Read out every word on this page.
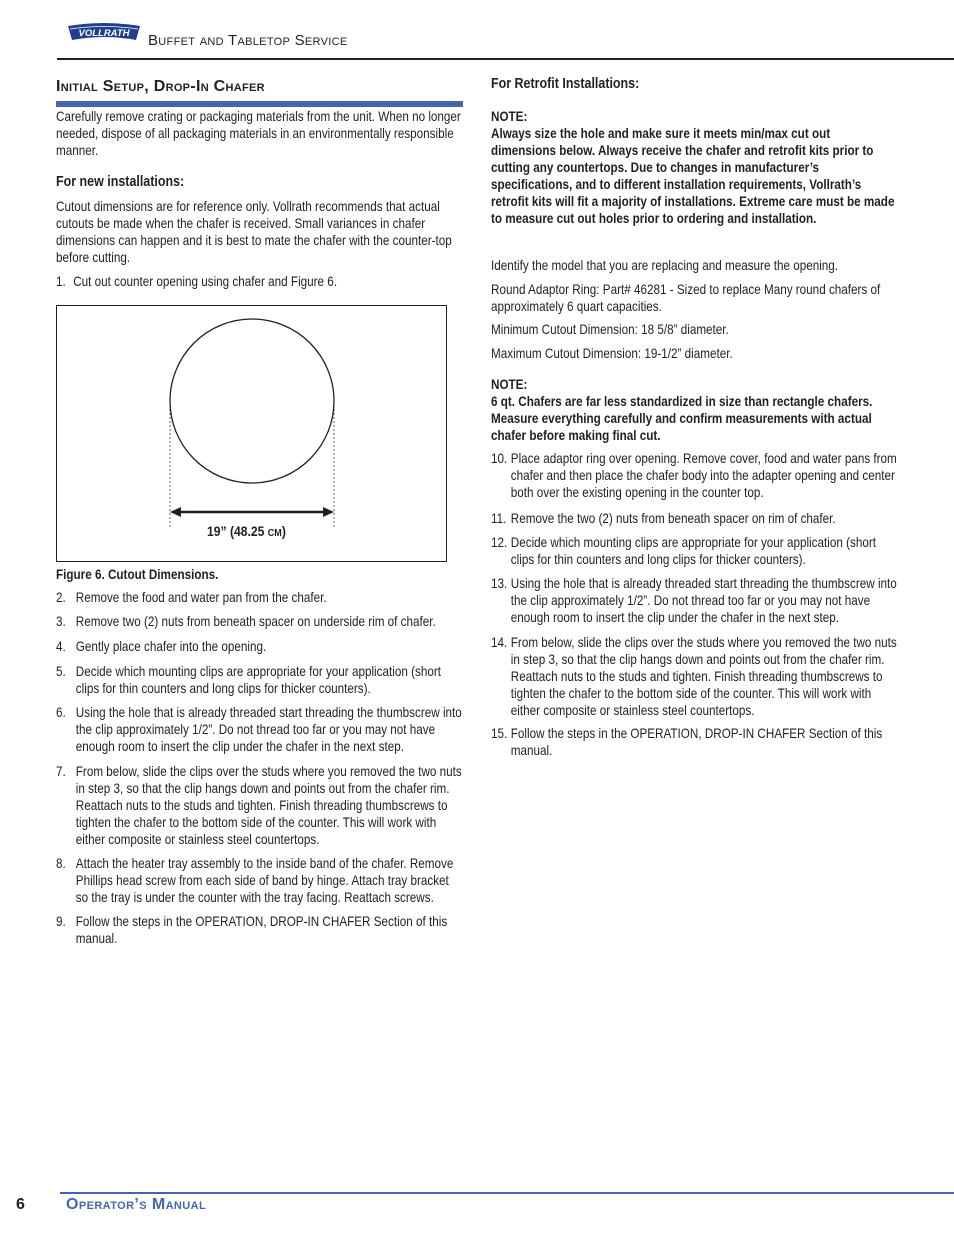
VOLLRATH Buffet and Tabletop Service
Initial Setup, Drop-In Chafer

Carefully remove crating or packaging materials from the unit. When no longer needed, dispose of all packaging materials in an environmentally responsible manner.

For new installations:

Cutout dimensions are for reference only. Vollrath recommends that actual cutouts be made when the chafer is received. Small variances in chafer dimensions can happen and it is best to mate the chafer with the counter-top before cutting.

1. Cut out counter opening using chafer and Figure 6.
19” (48.25 CM)
Figure 6. Cutout Dimensions.
2. Remove the food and water pan from the chafer.
3. Remove two (2) nuts from beneath spacer on underside rim of chafer.
4. Gently place chafer into the opening.
5. Decide which mounting clips are appropriate for your application (short clips for thin counters and long clips for thicker counters).
6. Using the hole that is already threaded start threading the thumbscrew into the clip approximately 1/2”. Do not thread too far or you may not have enough room to insert the clip under the chafer in the next step.
7. From below, slide the clips over the studs where you removed the two nuts in step 3, so that the clip hangs down and points out from the chafer rim. Reattach nuts to the studs and tighten. Finish threading thumbscrews to tighten the chafer to the bottom side of the counter. This will work with either composite or stainless steel countertops.
8. Attach the heater tray assembly to the inside band of the chafer. Remove Phillips head screw from each side of band by hinge. Attach tray bracket so the tray is under the counter with the tray facing. Reattach screws.
9. Follow the steps in the OPERATION, DROP-IN CHAFER Section of this manual.
For Retrofit Installations:

NOTE:

Always size the hole and make sure it meets min/max cut out dimensions below. Always receive the chafer and retrofit kits prior to cutting any countertops. Due to changes in manufacturer’s specifications, and to different installation requirements, Vollrath’s retrofit kits will fit a majority of installations. Extreme care must be made to measure cut out holes prior to ordering and installation.

Identify the model that you are replacing and measure the opening.
Round Adaptor Ring: Part# 46281 - Sized to replace Many round chafers of approximately 6 quart capacities.
Minimum Cutout Dimension: 18 5/8” diameter.
Maximum Cutout Dimension: 19-1/2” diameter.

NOTE:

6 qt. Chafers are far less standardized in size than rectangle chafers. Measure everything carefully and confirm measurements with actual chafer before making final cut.

10. Place adaptor ring over opening. Remove cover, food and water pans from chafer and then place the chafer body into the adapter opening and center both over the existing opening in the counter top.
11. Remove the two (2) nuts from beneath spacer on rim of chafer.
12. Decide which mounting clips are appropriate for your application (short clips for thin counters and long clips for thicker counters).
13. Using the hole that is already threaded start threading the thumbscrew into the clip approximately 1/2”. Do not thread too far or you may not have enough room to insert the clip under the chafer in the next step.
14. From below, slide the clips over the studs where you removed the two nuts in step 3, so that the clip hangs down and points out from the chafer rim. Reattach nuts to the studs and tighten. Finish threading thumbscrews to tighten the chafer to the bottom side of the counter. This will work with either composite or stainless steel countertops.
15. Follow the steps in the OPERATION, DROP-IN CHAFER Section of this manual.
6	Operator’s Manual
